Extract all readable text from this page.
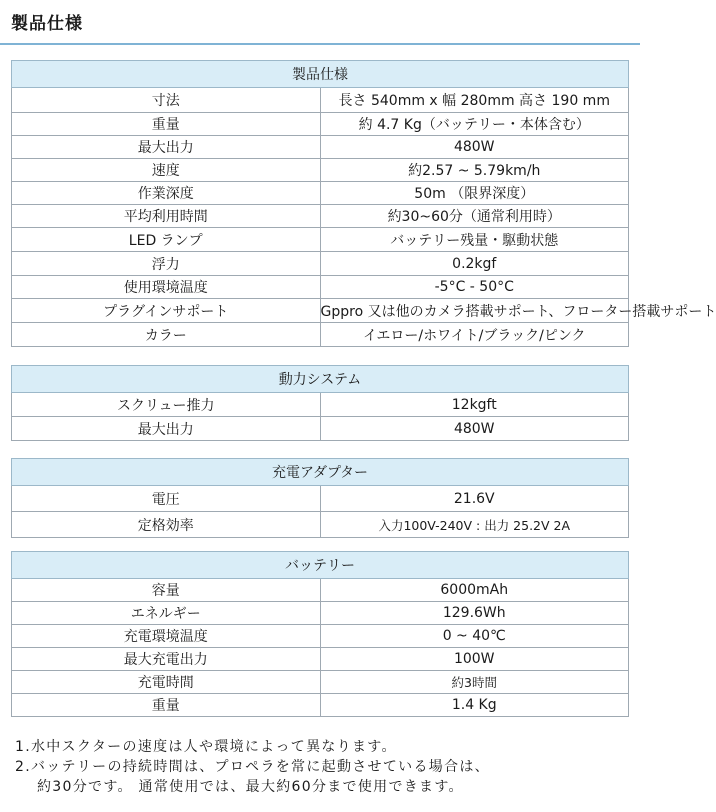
製品仕様
製品仕様	
寸法	長さ 540mm x 幅 280mm 高さ 190 mm
重量	約 4.7 Kg（バッテリー・本体含む）
最大出力	480W
速度	約2.57 ~ 5.79km/h
作業深度	50m （限界深度）
平均利用時間	約30~60分（通常利用時）
LED ランプ	バッテリー残量・駆動状態
浮力	0.2kgf
使用環境温度	-5°C - 50°C
プラグインサポート	Gppro 又は他のカメラ搭載サポート、フローター搭載サポート
カラー	イエロー/ホワイト/ブラック/ピンク
動力システム	
スクリュー推力	12kgft
最大出力	480W
充電アダプター	
電圧	21.6V
定格効率	入力100V-240V : 出力 25.2V 2A
バッテリー	
容量	6000mAh
エネルギー	129.6Wh
充電環境温度	0 ~ 40℃
最大充電出力	100W
充電時間	約3時間
重量	1.4 Kg
1.水中スクターの速度は人や環境によって異なります。
2.バッテリーの持続時間は、プロペラを常に起動させている場合は、
約30分です。 通常使用では、最大約60分まで使用できます。
